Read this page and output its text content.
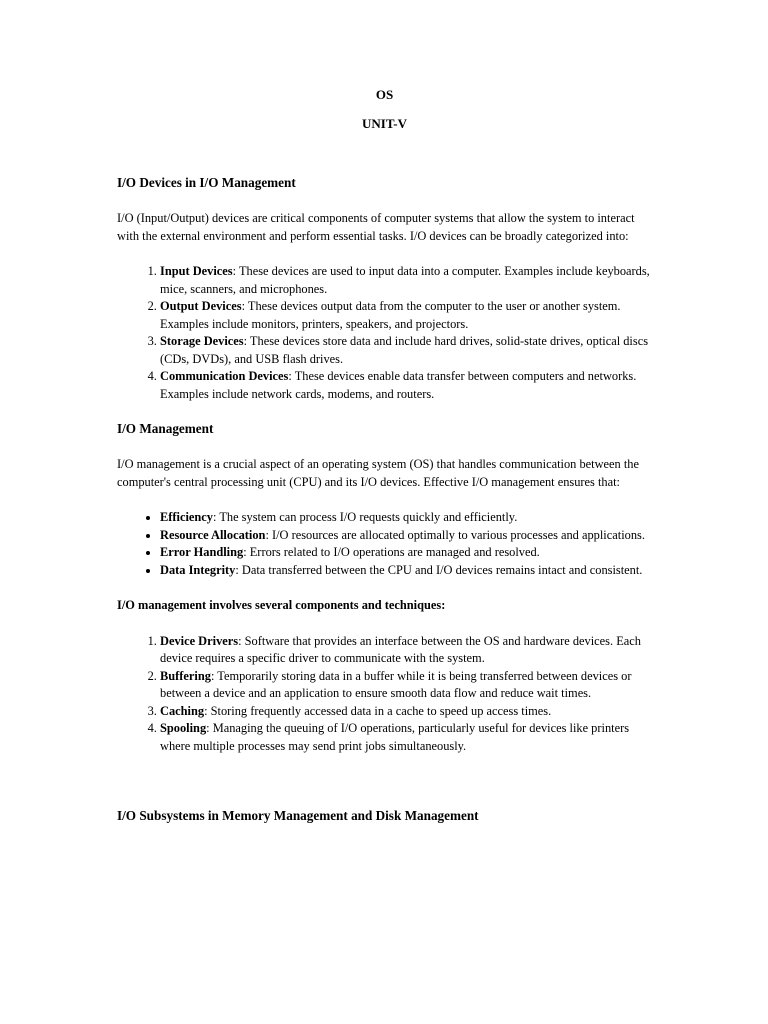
OS
UNIT-V
I/O Devices in I/O Management

I/O (Input/Output) devices are critical components of computer systems that allow the system to interact with the external environment and perform essential tasks. I/O devices can be broadly categorized into:

1. Input Devices: These devices are used to input data into a computer. Examples include keyboards, mice, scanners, and microphones.
2. Output Devices: These devices output data from the computer to the user or another system. Examples include monitors, printers, speakers, and projectors.
3. Storage Devices: These devices store data and include hard drives, solid-state drives, optical discs (CDs, DVDs), and USB flash drives.
4. Communication Devices: These devices enable data transfer between computers and networks. Examples include network cards, modems, and routers.
I/O Management

I/O management is a crucial aspect of an operating system (OS) that handles communication between the computer's central processing unit (CPU) and its I/O devices. Effective I/O management ensures that:

• Efficiency: The system can process I/O requests quickly and efficiently.
• Resource Allocation: I/O resources are allocated optimally to various processes and applications.
• Error Handling: Errors related to I/O operations are managed and resolved.
• Data Integrity: Data transferred between the CPU and I/O devices remains intact and consistent.

I/O management involves several components and techniques:

1. Device Drivers: Software that provides an interface between the OS and hardware devices. Each device requires a specific driver to communicate with the system.
2. Buffering: Temporarily storing data in a buffer while it is being transferred between devices or between a device and an application to ensure smooth data flow and reduce wait times.
3. Caching: Storing frequently accessed data in a cache to speed up access times.
4. Spooling: Managing the queuing of I/O operations, particularly useful for devices like printers where multiple processes may send print jobs simultaneously.
I/O Subsystems in Memory Management and Disk Management
